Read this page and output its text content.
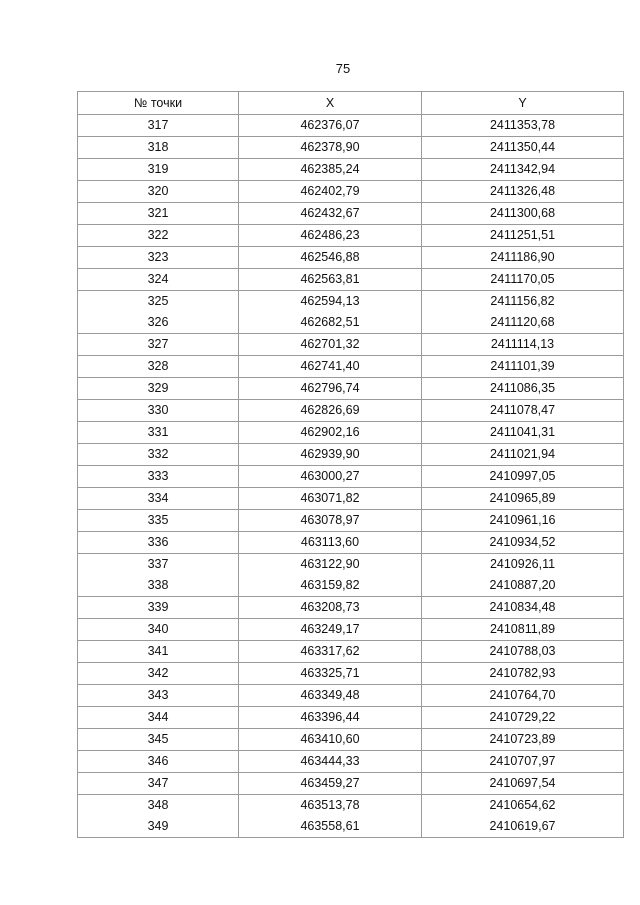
75
№ точки	X	Y
317	462376,07	2411353,78
318	462378,90	2411350,44
319	462385,24	2411342,94
320	462402,79	2411326,48
321	462432,67	2411300,68
322	462486,23	2411251,51
323	462546,88	2411186,90
324	462563,81	2411170,05
325	462594,13	2411156,82
326	462682,51	2411120,68
327	462701,32	2411114,13
328	462741,40	2411101,39
329	462796,74	2411086,35
330	462826,69	2411078,47
331	462902,16	2411041,31
332	462939,90	2411021,94
333	463000,27	2410997,05
334	463071,82	2410965,89
335	463078,97	2410961,16
336	463113,60	2410934,52
337	463122,90	2410926,11
338	463159,82	2410887,20
339	463208,73	2410834,48
340	463249,17	2410811,89
341	463317,62	2410788,03
342	463325,71	2410782,93
343	463349,48	2410764,70
344	463396,44	2410729,22
345	463410,60	2410723,89
346	463444,33	2410707,97
347	463459,27	2410697,54
348	463513,78	2410654,62
349	463558,61	2410619,67
